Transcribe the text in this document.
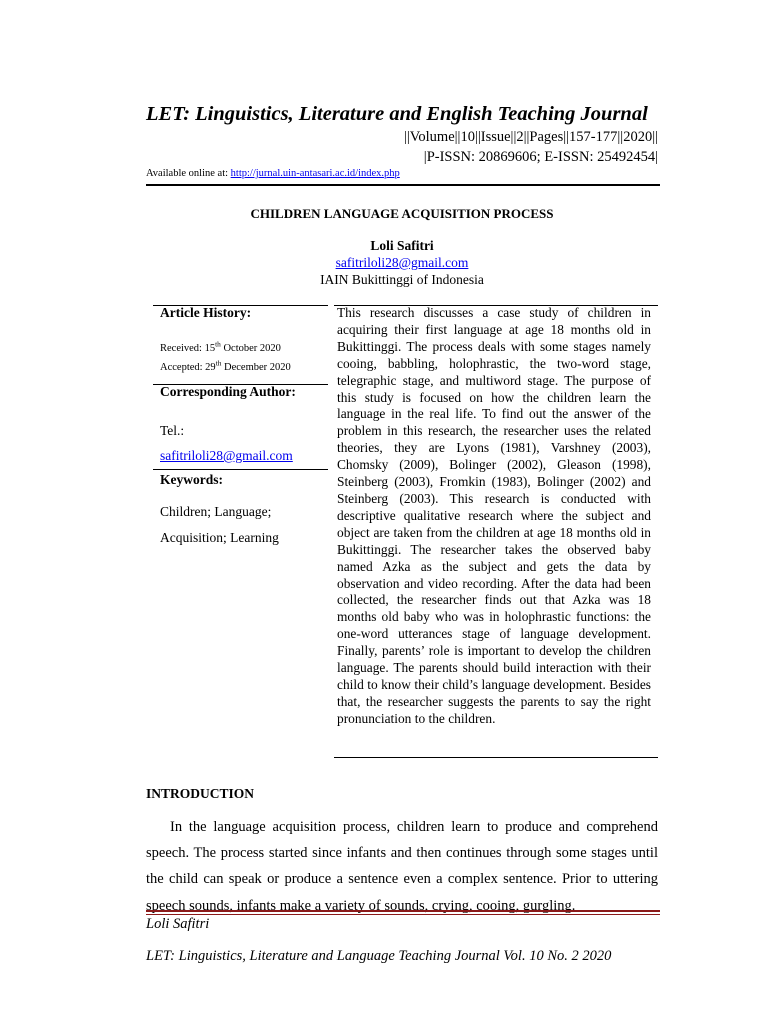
LET: Linguistics, Literature and English Teaching Journal
||Volume||10||Issue||2||Pages||157-177||2020||
|P-ISSN: 20869606; E-ISSN: 25492454|
Available online at: http://jurnal.uin-antasari.ac.id/index.php
CHILDREN LANGUAGE ACQUISITION PROCESS
Loli Safitri
safitriloli28@gmail.com
IAIN Bukittinggi of Indonesia
Article History:
Received: 15th October 2020
Accepted: 29th December 2020
Corresponding Author:
Tel.:
safitriloli28@gmail.com
Keywords:
Children; Language;
Acquisition; Learning
This research discusses a case study of children in acquiring their first language at age 18 months old in Bukittinggi. The process deals with some stages namely cooing, babbling, holophrastic, the two-word stage, telegraphic stage, and multiword stage. The purpose of this study is focused on how the children learn the language in the real life. To find out the answer of the problem in this research, the researcher uses the related theories, they are Lyons (1981), Varshney (2003), Chomsky (2009), Bolinger (2002), Gleason (1998), Steinberg (2003), Fromkin (1983), Bolinger (2002) and Steinberg (2003). This research is conducted with descriptive qualitative research where the subject and object are taken from the children at age 18 months old in Bukittinggi. The researcher takes the observed baby named Azka as the subject and gets the data by observation and video recording. After the data had been collected, the researcher finds out that Azka was 18 months old baby who was in holophrastic functions: the one-word utterances stage of language development. Finally, parents’ role is important to develop the children language. The parents should build interaction with their child to know their child’s language development. Besides that, the researcher suggests the parents to say the right pronunciation to the children.
INTRODUCTION
In the language acquisition process, children learn to produce and comprehend speech. The process started since infants and then continues through some stages until the child can speak or produce a sentence even a complex sentence. Prior to uttering speech sounds, infants make a variety of sounds, crying, cooing, gurgling.
Loli Safitri
LET: Linguistics, Literature and Language Teaching Journal Vol. 10 No. 2 2020
